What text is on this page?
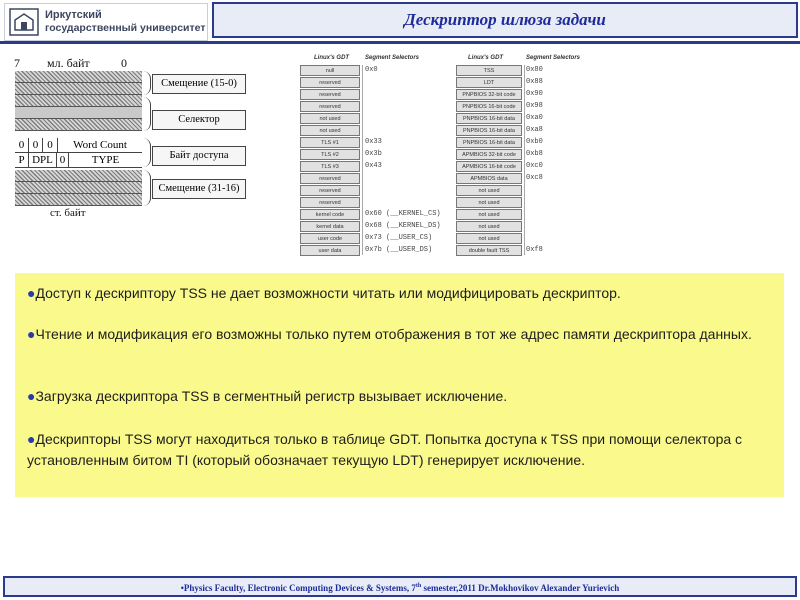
Иркутский
государственный университет	Дескриптор шлюза задачи
7 мл. байт	0
0 0 0	Word Count
P DPL 0	TYPE
ст. байт
Смещение (15-0)
Селектор
Байт доступа
Смещение (31-16)
Linux's GDT	Segment Selectors
null	0x0
reserved
reserved
reserved
not used
not used
TLS #1	0x33
TLS #2	0x3b
TLS #3	0x43
reserved
reserved
reserved
kernel code	0x60 (__KERNEL_CS)
kernel data	0x68 (__KERNEL_DS)
user code	0x73 (__USER_CS)
user data	0x7b (__USER_DS)
Linux's GDT	Segment Selectors
TSS	0x80
LDT	0x88
PNPBIOS 32-bit code	0x90
PNPBIOS 16-bit code	0x98
PNPBIOS 16-bit data	0xa0
PNPBIOS 16-bit data	0xa8
PNPBIOS 16-bit data	0xb0
APMBIOS 32-bit code	0xb8
APMBIOS 16-bit code	0xc0
APMBIOS data	0xc8
not used
not used
not used
not used
not used
double fault TSS	0xf8

●Доступ к дескриптору TSS не дает возможности читать или модифицировать дескриптор.

●Чтение и модификация его возможны только путем отображения в тот же адрес памяти дескриптора данных.

●Загрузка дескриптора TSS в сегментный регистр вызывает исключение.

●Дескрипторы TSS могут находиться только в таблице GDT. Попытка доступа к TSS при помощи селектора с установленным битом TI (который обозначает текущую LDT) генерирует исключение.

•Physics Faculty, Electronic Computing Devices & Systems, 7th semester,2011 Dr.Mokhovikov Alexander Yurievich
